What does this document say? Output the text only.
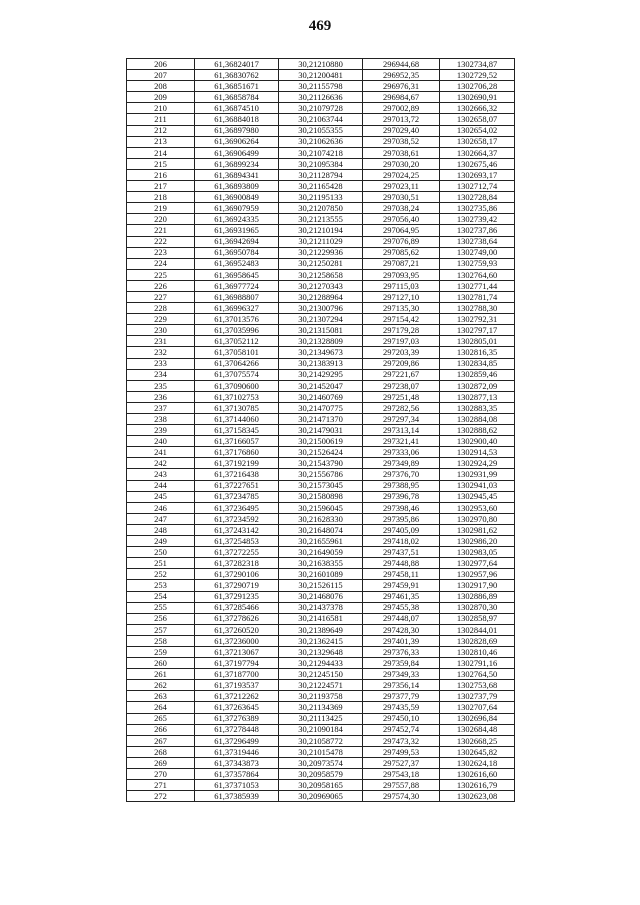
469
206	61,36824017	30,21210880	296944,68	1302734,87
207	61,36830762	30,21200481	296952,35	1302729,52
208	61,36851671	30,21155798	296976,31	1302706,28
209	61,36858784	30,21126636	296984,67	1302690,91
210	61,36874510	30,21079728	297002,89	1302666,32
211	61,36884018	30,21063744	297013,72	1302658,07
212	61,36897980	30,21055355	297029,40	1302654,02
213	61,36906264	30,21062636	297038,52	1302658,17
214	61,36906499	30,21074218	297038,61	1302664,37
215	61,36899234	30,21095384	297030,20	1302675,46
216	61,36894341	30,21128794	297024,25	1302693,17
217	61,36893809	30,21165428	297023,11	1302712,74
218	61,36900849	30,21195133	297030,51	1302728,84
219	61,36907959	30,21207850	297038,24	1302735,86
220	61,36924335	30,21213555	297056,40	1302739,42
221	61,36931965	30,21210194	297064,95	1302737,86
222	61,36942694	30,21211029	297076,89	1302738,64
223	61,36950784	30,21229936	297085,62	1302749,00
224	61,36952483	30,21250281	297087,21	1302759,93
225	61,36958645	30,21258658	297093,95	1302764,60
226	61,36977724	30,21270343	297115,03	1302771,44
227	61,36988807	30,21288964	297127,10	1302781,74
228	61,36996327	30,21300796	297135,30	1302788,30
229	61,37013576	30,21307294	297154,42	1302792,31
230	61,37035996	30,21315081	297179,28	1302797,17
231	61,37052112	30,21328809	297197,03	1302805,01
232	61,37058101	30,21349673	297203,39	1302816,35
233	61,37064266	30,21383913	297209,86	1302834,85
234	61,37075574	30,21429295	297221,67	1302859,46
235	61,37090600	30,21452047	297238,07	1302872,09
236	61,37102753	30,21460769	297251,48	1302877,13
237	61,37130785	30,21470775	297282,56	1302883,35
238	61,37144060	30,21471370	297297,34	1302884,08
239	61,37158345	30,21479031	297313,14	1302888,62
240	61,37166057	30,21500619	297321,41	1302900,40
241	61,37176860	30,21526424	297333,06	1302914,53
242	61,37192199	30,21543790	297349,89	1302924,29
243	61,37216438	30,21556786	297376,70	1302931,99
244	61,37227651	30,21573045	297388,95	1302941,03
245	61,37234785	30,21580898	297396,78	1302945,45
246	61,37236495	30,21596045	297398,46	1302953,60
247	61,37234592	30,21628330	297395,86	1302970,80
248	61,37243142	30,21648074	297405,09	1302981,62
249	61,37254853	30,21655961	297418,02	1302986,20
250	61,37272255	30,21649059	297437,51	1302983,05
251	61,37282318	30,21638355	297448,88	1302977,64
252	61,37290106	30,21601089	297458,11	1302957,96
253	61,37290719	30,21526115	297459,91	1302917,90
254	61,37291235	30,21468076	297461,35	1302886,89
255	61,37285466	30,21437378	297455,38	1302870,30
256	61,37278626	30,21416581	297448,07	1302858,97
257	61,37260520	30,21389649	297428,30	1302844,01
258	61,37236000	30,21362415	297401,39	1302828,69
259	61,37213067	30,21329648	297376,33	1302810,46
260	61,37197794	30,21294433	297359,84	1302791,16
261	61,37187700	30,21245150	297349,33	1302764,50
262	61,37193537	30,21224571	297356,14	1302753,68
263	61,37212262	30,21193758	297377,79	1302737,79
264	61,37263645	30,21134369	297435,59	1302707,64
265	61,37276389	30,21113425	297450,10	1302696,84
266	61,37278448	30,21090184	297452,74	1302684,48
267	61,37296499	30,21058772	297473,32	1302668,25
268	61,37319446	30,21015478	297499,53	1302645,82
269	61,37343873	30,20973574	297527,37	1302624,18
270	61,37357864	30,20958579	297543,18	1302616,60
271	61,37371053	30,20958165	297557,88	1302616,79
272	61,37385939	30,20969065	297574,30	1302623,08
